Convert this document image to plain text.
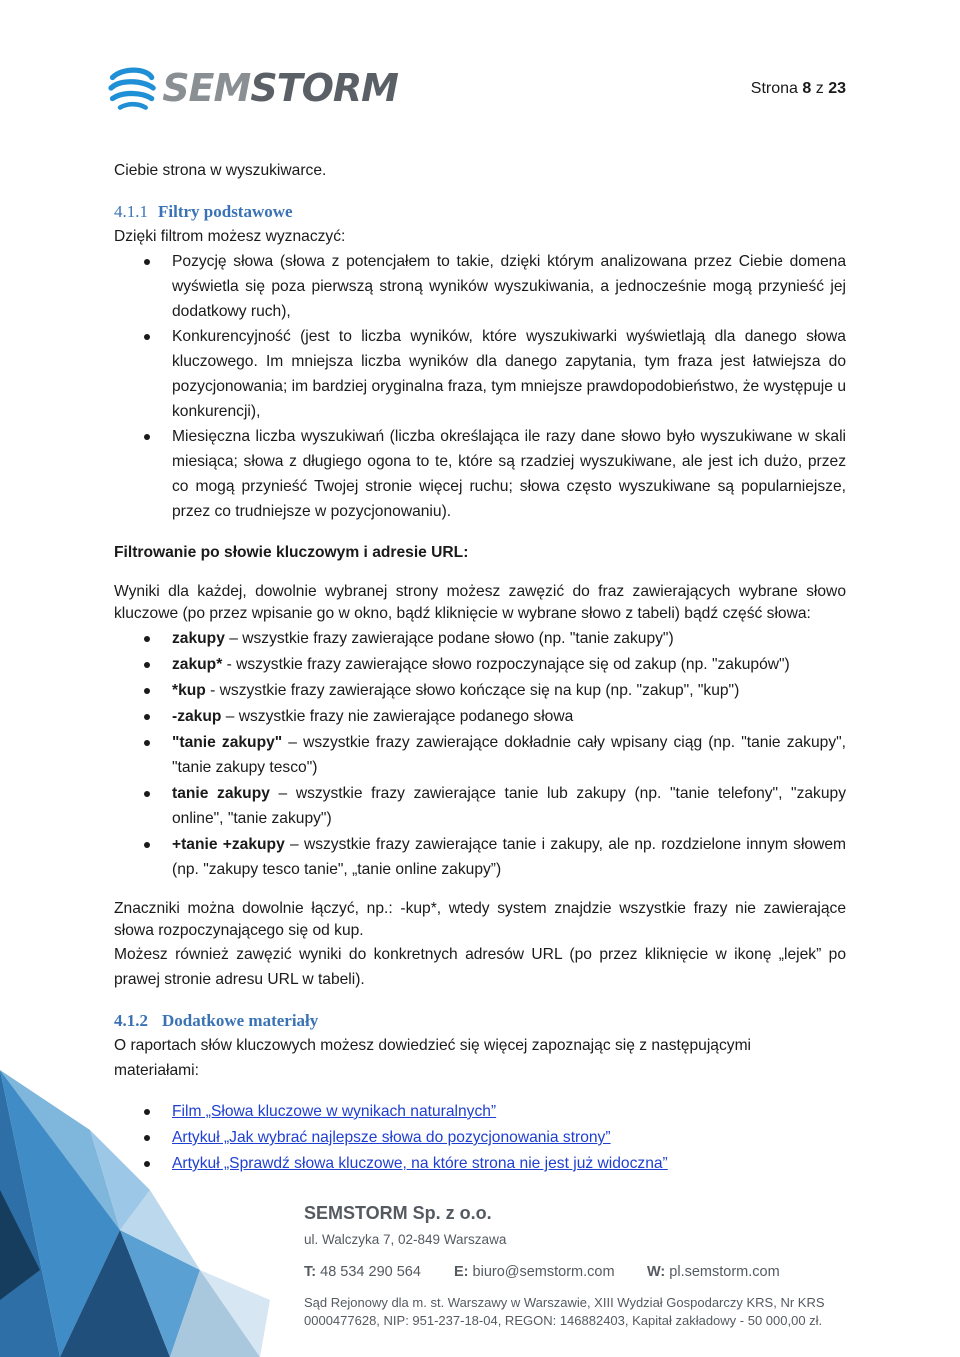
SEMSTORM	Strona 8 z 23

Ciebie strona w wyszukiwarce.

4.1.1 Filtry podstawowe

Dzięki filtrom możesz wyznaczyć:

Pozycję słowa (słowa z potencjałem to takie, dzięki którym analizowana przez Ciebie domena wyświetla się poza pierwszą stroną wyników wyszukiwania, a jednocześnie mogą przynieść jej dodatkowy ruch),
Konkurencyjność (jest to liczba wyników, które wyszukiwarki wyświetlają dla danego słowa kluczowego. Im mniejsza liczba wyników dla danego zapytania, tym fraza jest łatwiejsza do pozycjonowania; im bardziej oryginalna fraza, tym mniejsze prawdopodobieństwo, że występuje u konkurencji),
Miesięczna liczba wyszukiwań (liczba określająca ile razy dane słowo było wyszukiwane w skali miesiąca; słowa z długiego ogona to te, które są rzadziej wyszukiwane, ale jest ich dużo, przez co mogą przynieść Twojej stronie więcej ruchu; słowa często wyszukiwane są popularniejsze, przez co trudniejsze w pozycjonowaniu).

Filtrowanie po słowie kluczowym i adresie URL:

Wyniki dla każdej, dowolnie wybranej strony możesz zawęzić do fraz zawierających wybrane słowo kluczowe (po przez wpisanie go w okno, bądź kliknięcie w wybrane słowo z tabeli) bądź część słowa:

zakupy – wszystkie frazy zawierające podane słowo (np. "tanie zakupy")
zakup* - wszystkie frazy zawierające słowo rozpoczynające się od zakup (np. "zakupów")
*kup - wszystkie frazy zawierające słowo kończące się na kup (np. "zakup", "kup")
-zakup – wszystkie frazy nie zawierające podanego słowa
"tanie zakupy" – wszystkie frazy zawierające dokładnie cały wpisany ciąg (np. "tanie zakupy", "tanie zakupy tesco")
tanie zakupy – wszystkie frazy zawierające tanie lub zakupy (np. "tanie telefony", "zakupy online", "tanie zakupy")
+tanie +zakupy – wszystkie frazy zawierające tanie i zakupy, ale np. rozdzielone innym słowem (np. "zakupy tesco tanie", „tanie online zakupy”)

Znaczniki można dowolnie łączyć, np.: -kup*, wtedy system znajdzie wszystkie frazy nie zawierające słowa rozpoczynającego się od kup.

Możesz również zawęzić wyniki do konkretnych adresów URL (po przez kliknięcie w ikonę „lejek” po prawej stronie adresu URL w tabeli).

4.1.2 Dodatkowe materiały

O raportach słów kluczowych możesz dowiedzieć się więcej zapoznając się z następującymi materiałami:

Film „Słowa kluczowe w wynikach naturalnych”
Artykuł „Jak wybrać najlepsze słowa do pozycjonowania strony”
Artykuł „Sprawdź słowa kluczowe, na które strona nie jest już widoczna”
SEMSTORM Sp. z o.o.
ul. Walczyka 7, 02-849 Warszawa
T: 48 534 290 564	E: biuro@semstorm.com	W: pl.semstorm.com
Sąd Rejonowy dla m. st. Warszawy w Warszawie, XIII Wydział Gospodarczy KRS, Nr KRS
0000477628, NIP: 951-237-18-04, REGON: 146882403, Kapitał zakładowy - 50 000,00 zł.
